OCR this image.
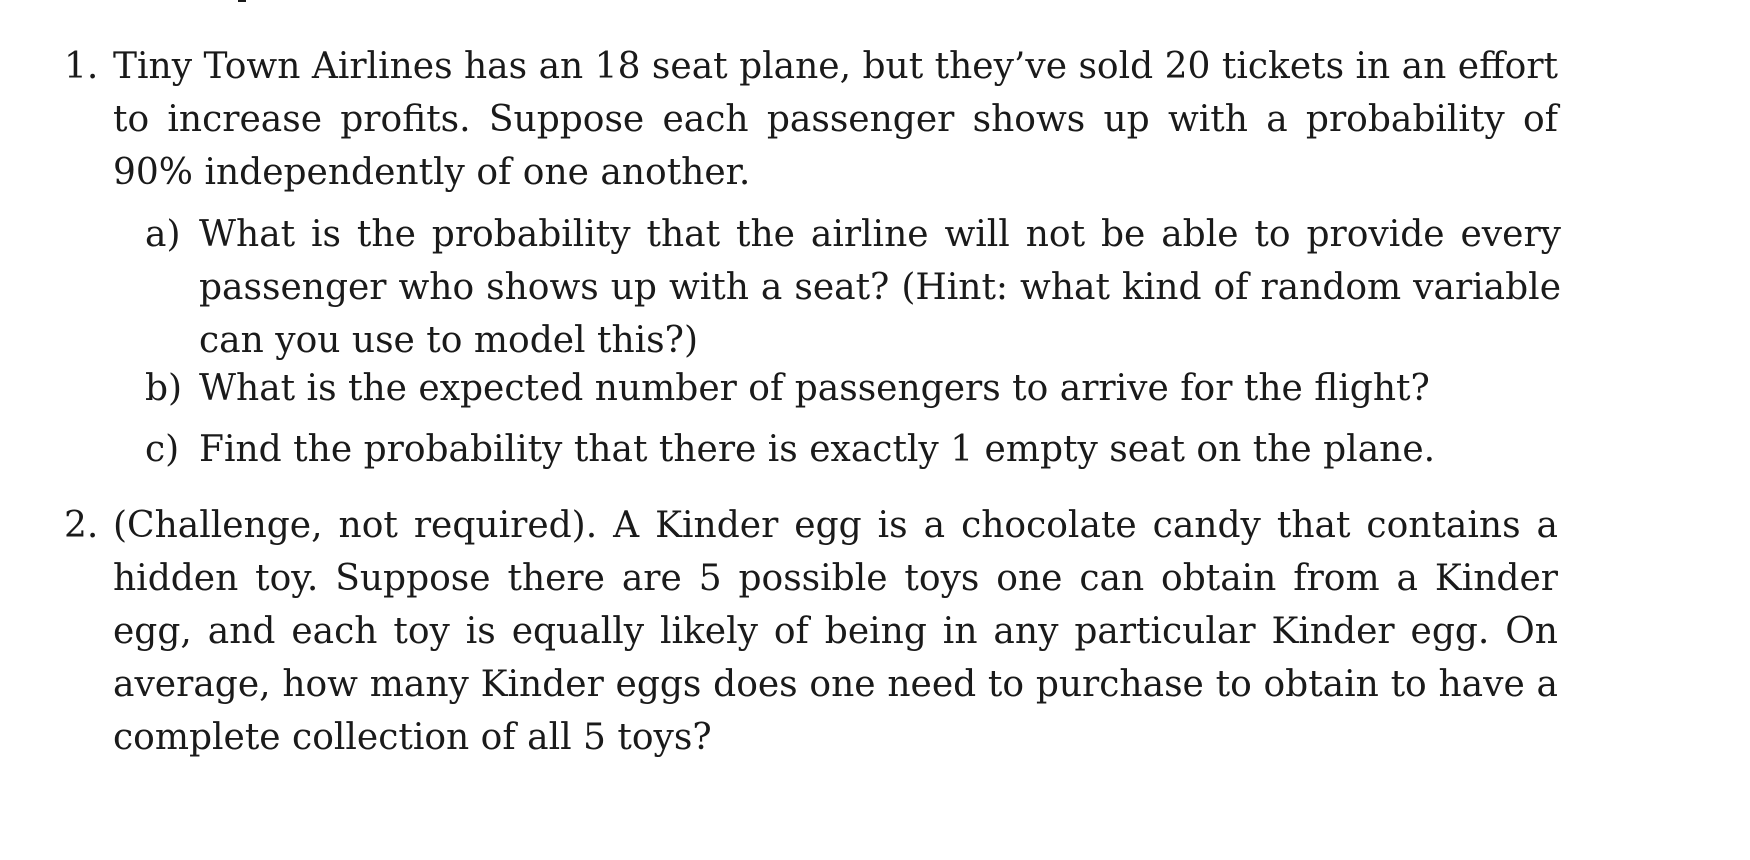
1. Tiny Town Airlines has an 18 seat plane, but they’ve sold 20 tickets in an effort to increase profits. Suppose each passenger shows up with a probability of 90% independently of one another.
a) What is the probability that the airline will not be able to provide every passenger who shows up with a seat? (Hint: what kind of random variable can you use to model this?)
b) What is the expected number of passengers to arrive for the flight?
c) Find the probability that there is exactly 1 empty seat on the plane.
2. (Challenge, not required). A Kinder egg is a chocolate candy that contains a hidden toy. Suppose there are 5 possible toys one can obtain from a Kinder egg, and each toy is equally likely of being in any particular Kinder egg. On average, how many Kinder eggs does one need to purchase to obtain to have a complete collection of all 5 toys?
